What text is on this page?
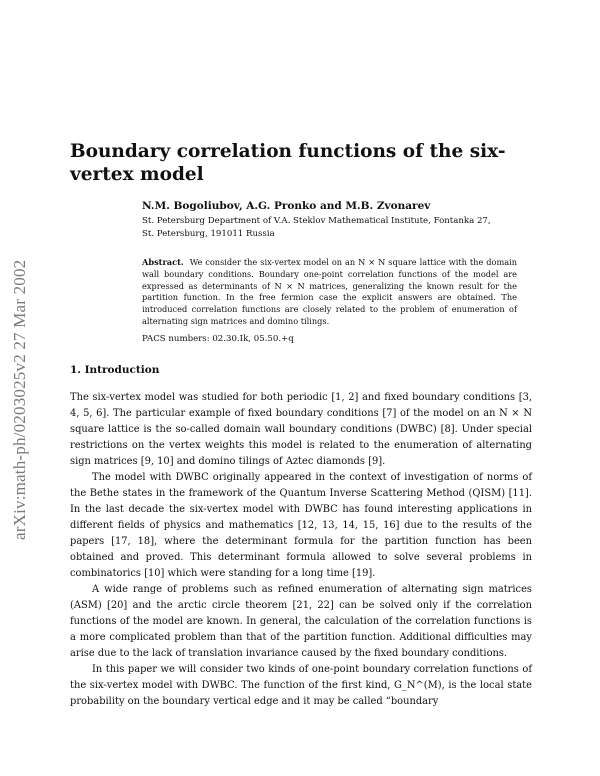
arXiv:math-ph/0203025v2 27 Mar 2002
Boundary correlation functions of the six-vertex model
N.M. Bogoliubov, A.G. Pronko and M.B. Zvonarev
St. Petersburg Department of V.A. Steklov Mathematical Institute, Fontanka 27,
St. Petersburg, 191011 Russia
Abstract. We consider the six-vertex model on an N × N square lattice with the domain wall boundary conditions. Boundary one-point correlation functions of the model are expressed as determinants of N × N matrices, generalizing the known result for the partition function. In the free fermion case the explicit answers are obtained. The introduced correlation functions are closely related to the problem of enumeration of alternating sign matrices and domino tilings.
PACS numbers: 02.30.Ik, 05.50.+q
1. Introduction

The six-vertex model was studied for both periodic [1, 2] and fixed boundary conditions [3, 4, 5, 6]. The particular example of fixed boundary conditions [7] of the model on an N × N square lattice is the so-called domain wall boundary conditions (DWBC) [8]. Under special restrictions on the vertex weights this model is related to the enumeration of alternating sign matrices [9, 10] and domino tilings of Aztec diamonds [9].

The model with DWBC originally appeared in the context of investigation of norms of the Bethe states in the framework of the Quantum Inverse Scattering Method (QISM) [11]. In the last decade the six-vertex model with DWBC has found interesting applications in different fields of physics and mathematics [12, 13, 14, 15, 16] due to the results of the papers [17, 18], where the determinant formula for the partition function has been obtained and proved. This determinant formula allowed to solve several problems in combinatorics [10] which were standing for a long time [19].

A wide range of problems such as refined enumeration of alternating sign matrices (ASM) [20] and the arctic circle theorem [21, 22] can be solved only if the correlation functions of the model are known. In general, the calculation of the correlation functions is a more complicated problem than that of the partition function. Additional difficulties may arise due to the lack of translation invariance caused by the fixed boundary conditions.

In this paper we will consider two kinds of one-point boundary correlation functions of the six-vertex model with DWBC. The function of the first kind, G_N^(M), is the local state probability on the boundary vertical edge and it may be called “boundary
